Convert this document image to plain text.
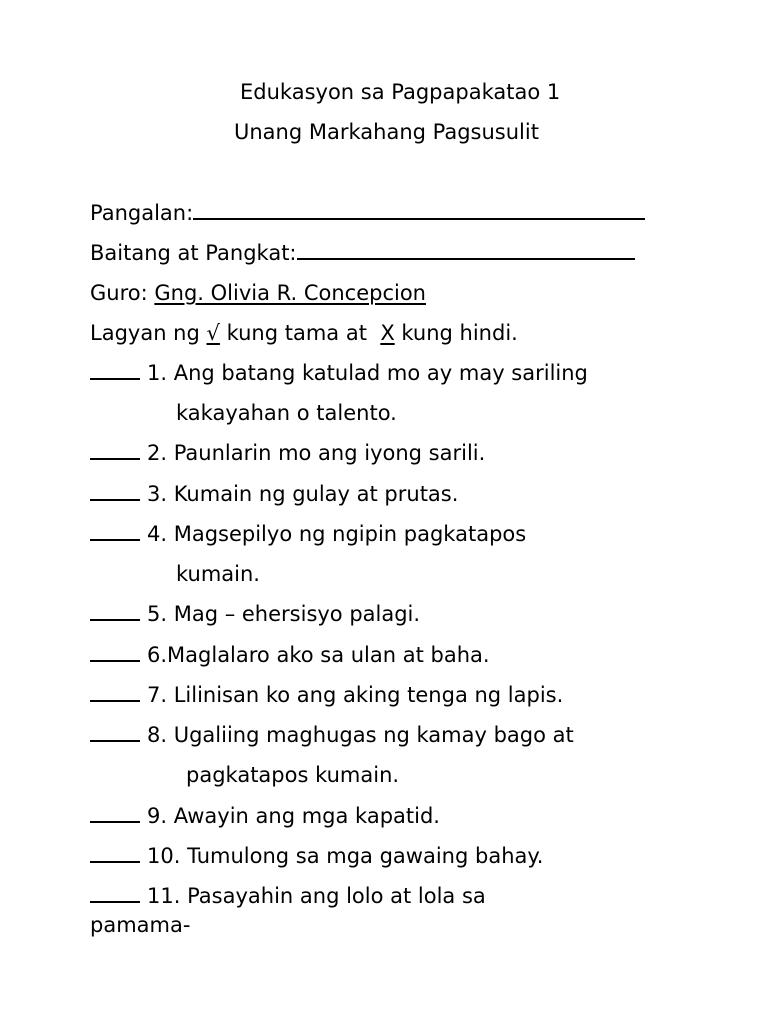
Edukasyon sa Pagpapakatao 1
Unang Markahang Pagsusulit
Pangalan:
Baitang at Pangkat:
Guro: Gng. Olivia R. Concepcion
Lagyan ng √ kung tama at X kung hindi.
1. Ang batang katulad mo ay may sariling
kakayahan o talento.
2. Paunlarin mo ang iyong sarili.
3. Kumain ng gulay at prutas.
4. Magsepilyo ng ngipin pagkatapos
kumain.
5. Mag – ehersisyo palagi.
6.Maglalaro ako sa ulan at baha.
7. Lilinisan ko ang aking tenga ng lapis.
8. Ugaliing maghugas ng kamay bago at
pagkatapos kumain.
9. Awayin ang mga kapatid.
10. Tumulong sa mga gawaing bahay.
11. Pasayahin ang lolo at lola sa
pamama-
